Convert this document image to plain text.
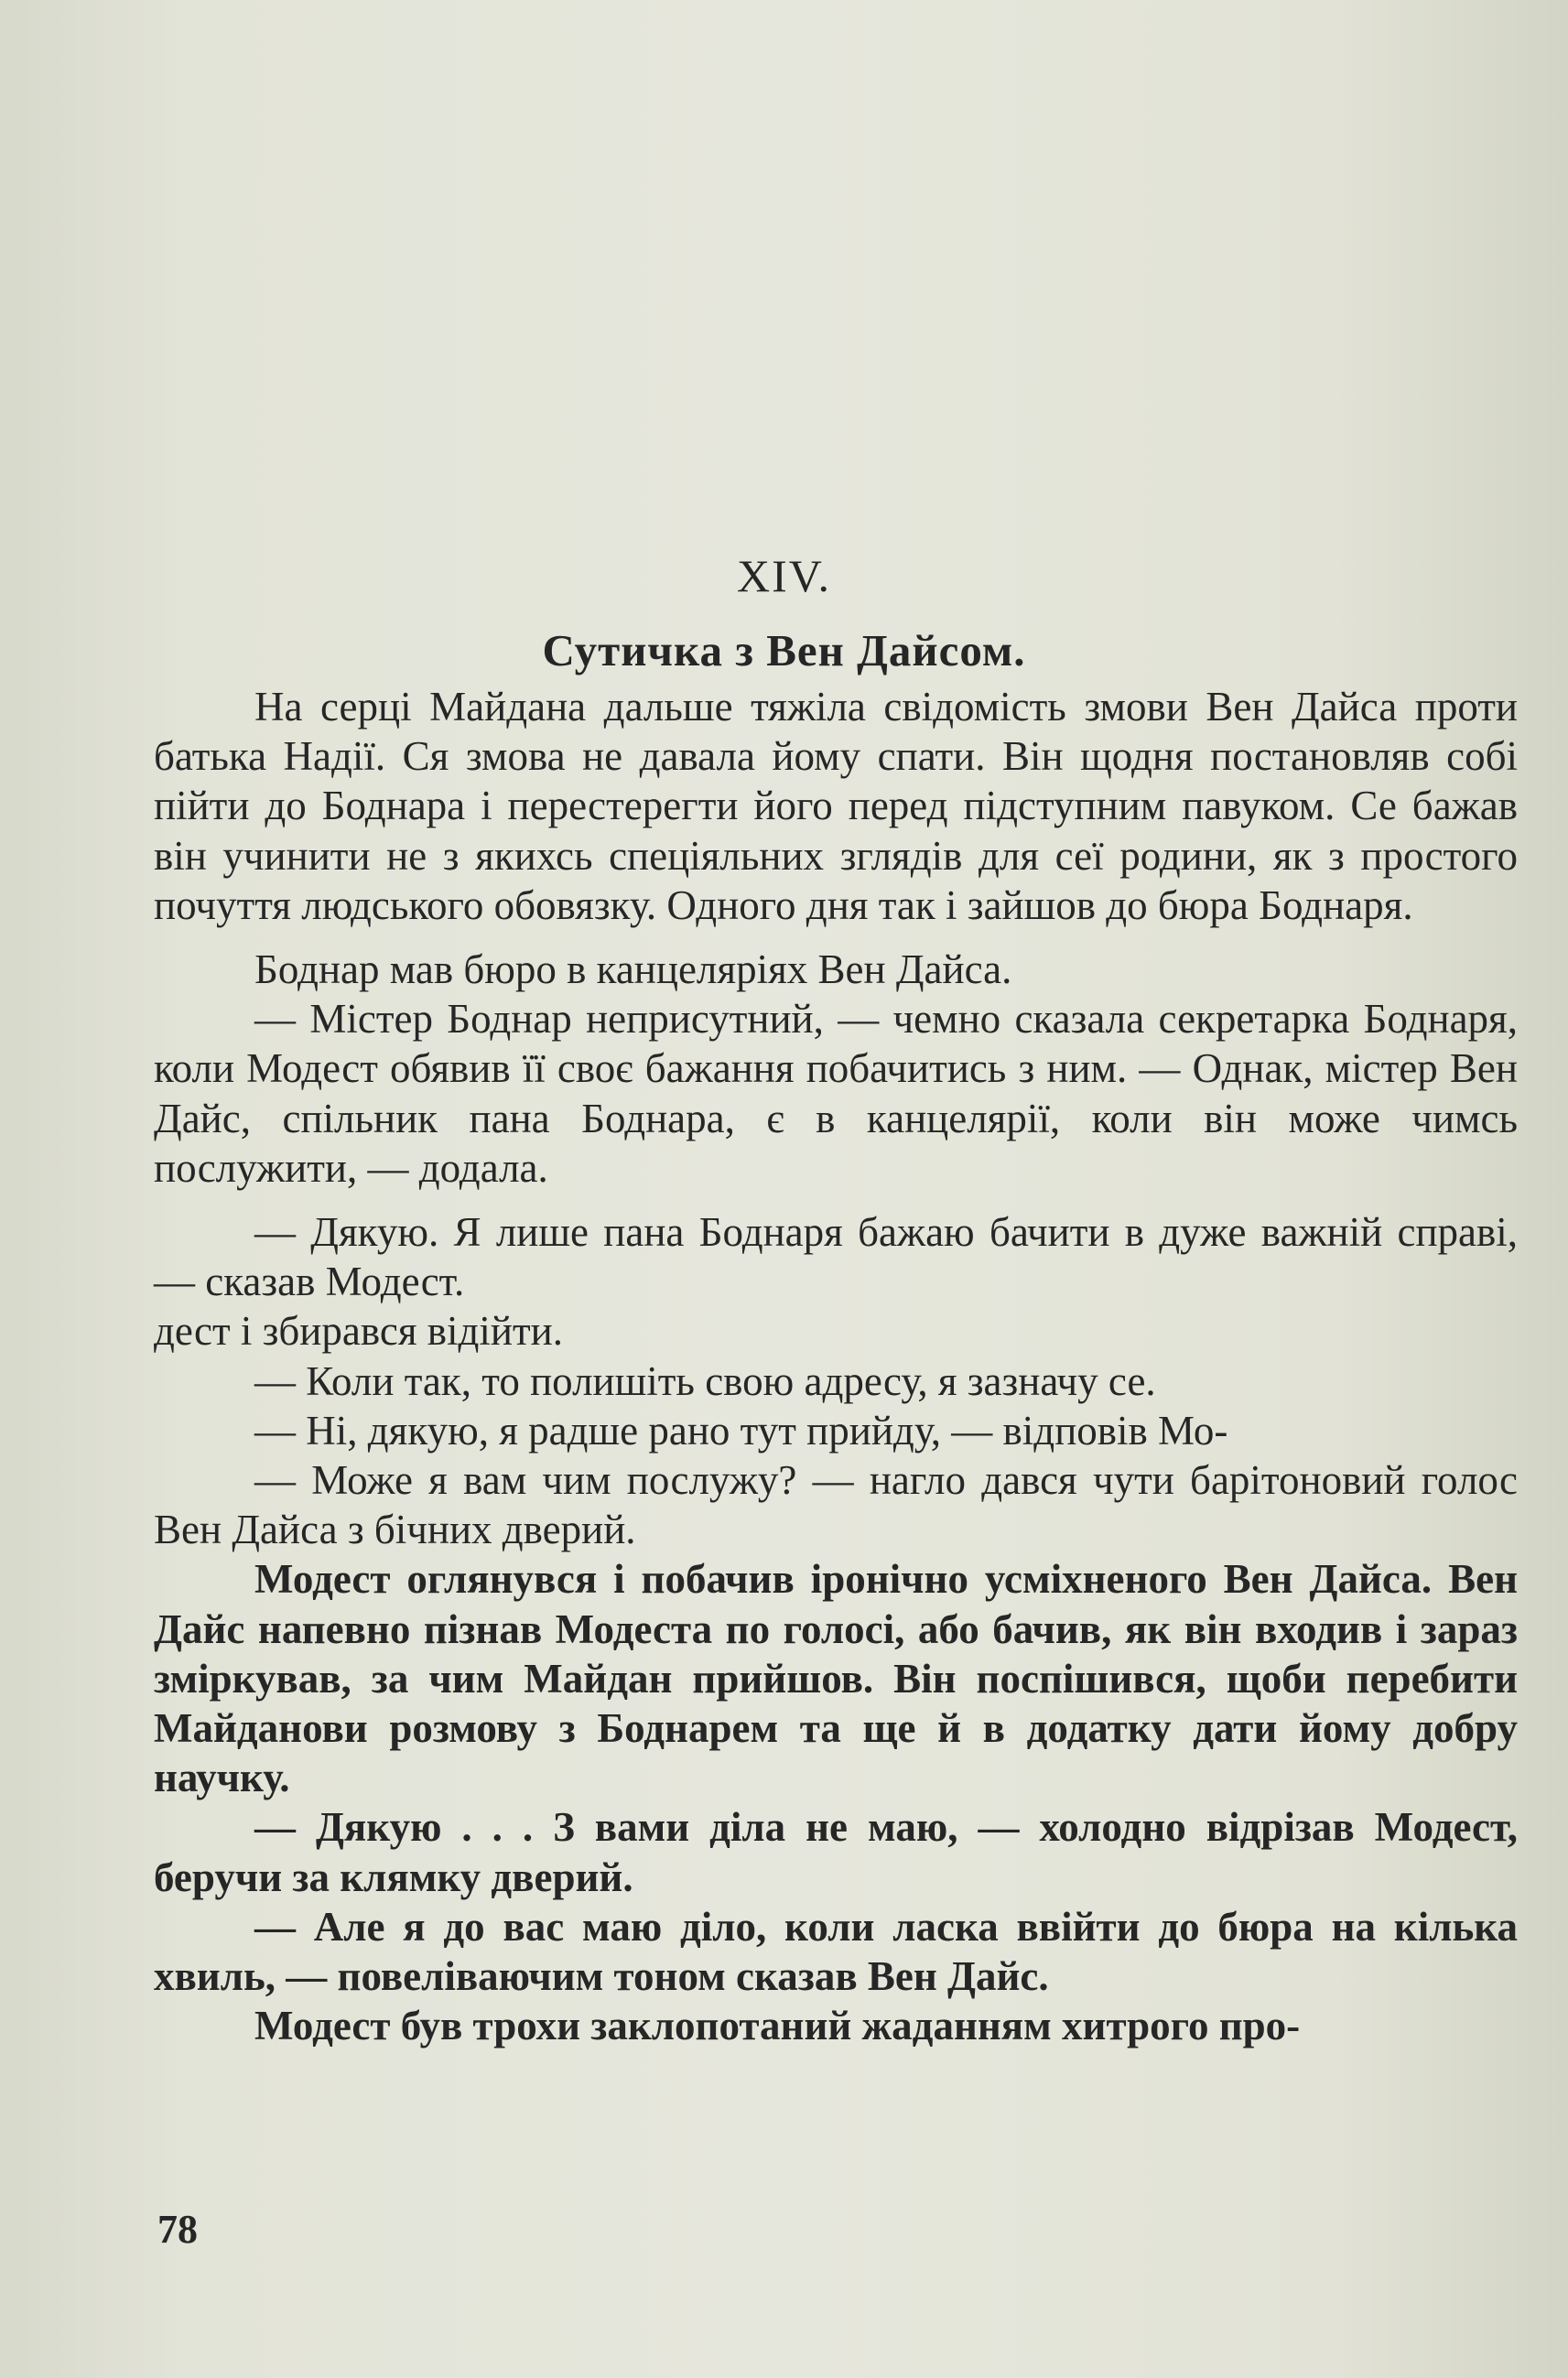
XIV.
Сутичка з Вен Дайсом.

На серці Майдана дальше тяжіла свідомість змови Вен Дайса проти батька Надії. Ся змова не давала йому спати. Він щодня постановляв собі пійти до Боднара і перестерегти його перед підступним павуком. Се бажав він учинити не з якихсь спеціяльних зглядів для сеї родини, як з простого почуття людського обовязку. Одного дня так і зайшов до бюра Боднаря.

Боднар мав бюро в канцеляріях Вен Дайса.

— Містер Боднар неприсутний, — чемно сказала секретарка Боднаря, коли Модест обявив її своє бажання побачитись з ним. — Однак, містер Вен Дайс, спільник пана Боднара, є в канцелярії, коли він може чимсь послужити, — додала.

— Дякую. Я лише пана Боднаря бажаю бачити в дуже важній справі, — сказав Модест.

дест і збирався відійти.

— Коли так, то полишіть свою адресу, я зазначу се.

— Ні, дякую, я радше рано тут прийду, — відповів Мо-

— Може я вам чим послужу? — нагло дався чути барітоновий голос Вен Дайса з бічних дверий.

Модест оглянувся і побачив іронічно усміхненого Вен Дайса. Вен Дайс напевно пізнав Модеста по голосі, або бачив, як він входив і зараз зміркував, за чим Майдан прийшов. Він поспішився, щоби перебити Майданови розмову з Боднарем та ще й в додатку дати йому добру научку.

— Дякую . . . З вами діла не маю, — холодно відрізав Модест, беручи за клямку дверий.

— Але я до вас маю діло, коли ласка ввійти до бюра на кілька хвиль, — повеліваючим тоном сказав Вен Дайс.

Модест був трохи заклопотаний жаданням хитрого про-

78
